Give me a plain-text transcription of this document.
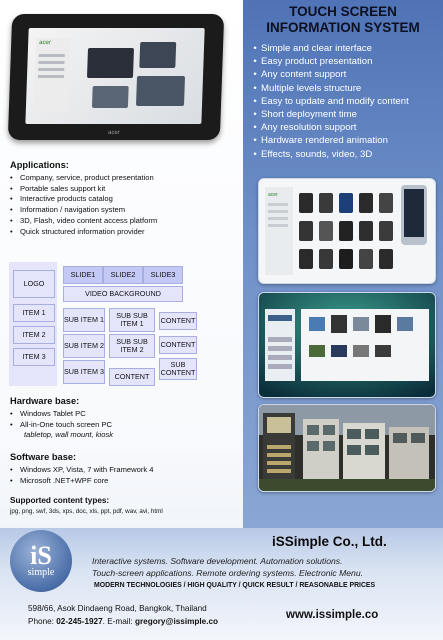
TOUCH SCREEN
INFORMATION SYSTEM
• Simple and clear interface
• Easy product presentation
• Any content support
• Multiple levels structure
• Easy to update and modify content
• Short deployment time
• Any resolution support
• Hardware rendered animation
• Effects, sounds, video, 3D
acer
acer
acer
Applications:
• Company, service, product presentation
• Portable sales support kit
• Interactive products catalog
• Information / navigation system
• 3D, Flash, video content access platform
• Quick structured information provider
LOGO
SLIDE1	SLIDE2	SLIDE3
VIDEO BACKGROUND
ITEM 1
ITEM 2
ITEM 3
SUB ITEM 1
SUB ITEM 2
SUB ITEM 3
SUB SUB ITEM 1
SUB SUB ITEM 2
CONTENT
CONTENT
CONTENT
SUB CONTENT
Hardware base:
• Windows Tablet PC
• All-in-One touch screen PC
tabletop, wall mount, kiosk
Software base:
• Windows XP, Vista, 7 with Framework 4
• Microsoft .NET+WPF core
Supported content types:
jpg, png, swf, 3ds, xps, doc, xls, ppt, pdf, wav, avi, html
iS
simple
iSSimple Co., Ltd.
Interactive systems. Software development. Automation solutions.
Touch-screen applications. Remote ordering systems. Electronic Menu.
MODERN TECHNOLOGIES / HIGH QUALITY / QUICK RESULT / REASONABLE PRICES
598/66, Asok Dindaeng Road, Bangkok, Thailand
Phone: 02-245-1927. E-mail: gregory@issimple.co
www.issimple.co
